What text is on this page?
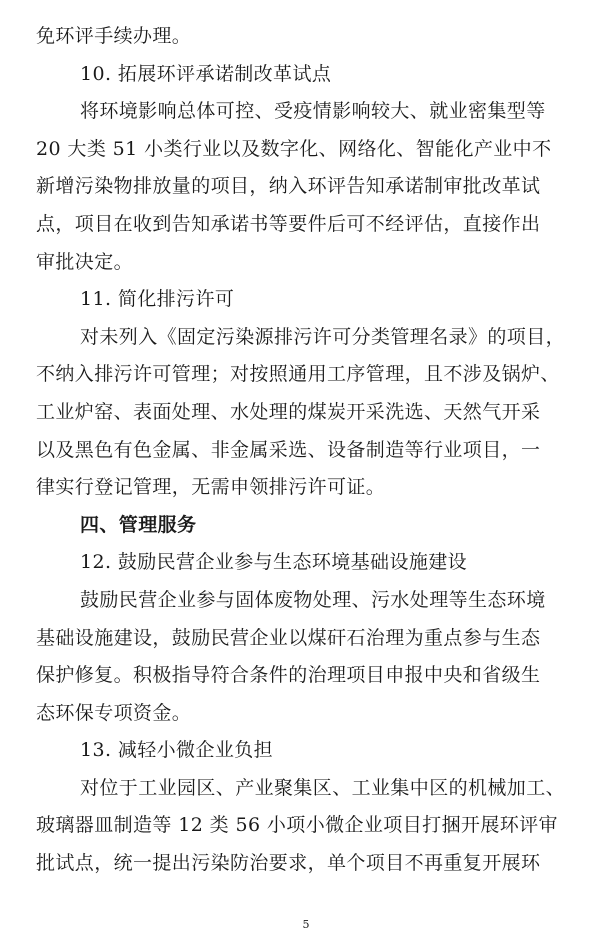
免环评手续办理。
10. 拓展环评承诺制改革试点
将环境影响总体可控、受疫情影响较大、就业密集型等
20 大类 51 小类行业以及数字化、网络化、智能化产业中不
新增污染物排放量的项目，纳入环评告知承诺制审批改革试
点，项目在收到告知承诺书等要件后可不经评估，直接作出
审批决定。
11. 简化排污许可
对未列入《固定污染源排污许可分类管理名录》的项目，
不纳入排污许可管理；对按照通用工序管理，且不涉及锅炉、
工业炉窑、表面处理、水处理的煤炭开采洗选、天然气开采
以及黑色有色金属、非金属采选、设备制造等行业项目，一
律实行登记管理，无需申领排污许可证。
四、管理服务
12. 鼓励民营企业参与生态环境基础设施建设
鼓励民营企业参与固体废物处理、污水处理等生态环境
基础设施建设，鼓励民营企业以煤矸石治理为重点参与生态
保护修复。积极指导符合条件的治理项目申报中央和省级生
态环保专项资金。
13. 减轻小微企业负担
对位于工业园区、产业聚集区、工业集中区的机械加工、
玻璃器皿制造等 12 类 56 小项小微企业项目打捆开展环评审
批试点，统一提出污染防治要求，单个项目不再重复开展环
5
